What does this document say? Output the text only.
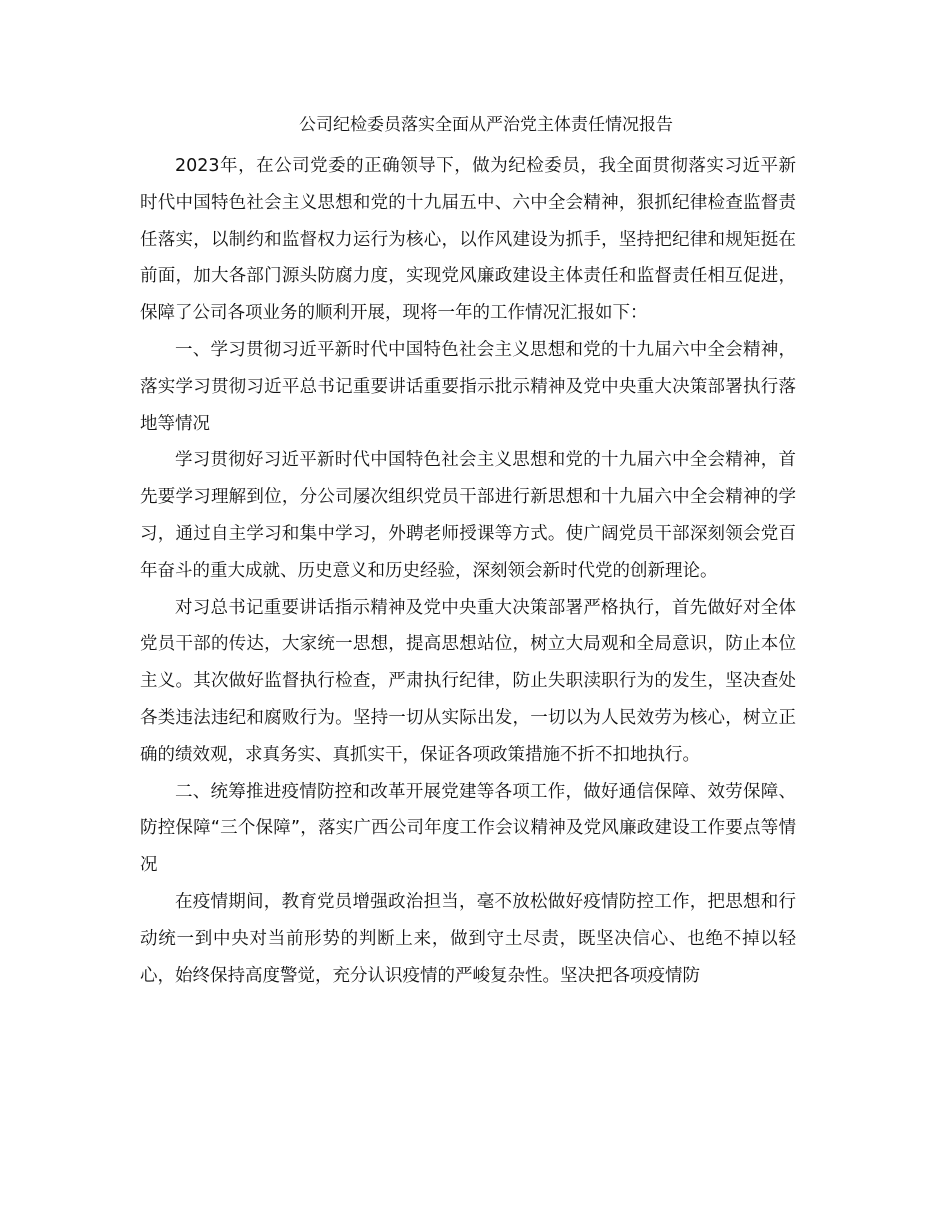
公司纪检委员落实全面从严治党主体责任情况报告

2023年，在公司党委的正确领导下，做为纪检委员，我全面贯彻落实习近平新时代中国特色社会主义思想和党的十九届五中、六中全会精神，狠抓纪律检查监督责任落实，以制约和监督权力运行为核心，以作风建设为抓手，坚持把纪律和规矩挺在前面，加大各部门源头防腐力度，实现党风廉政建设主体责任和监督责任相互促进，保障了公司各项业务的顺利开展，现将一年的工作情况汇报如下：

一、学习贯彻习近平新时代中国特色社会主义思想和党的十九届六中全会精神，落实学习贯彻习近平总书记重要讲话重要指示批示精神及党中央重大决策部署执行落地等情况

学习贯彻好习近平新时代中国特色社会主义思想和党的十九届六中全会精神，首先要学习理解到位，分公司屡次组织党员干部进行新思想和十九届六中全会精神的学习，通过自主学习和集中学习，外聘老师授课等方式。使广阔党员干部深刻领会党百年奋斗的重大成就、历史意义和历史经验，深刻领会新时代党的创新理论。

对习总书记重要讲话指示精神及党中央重大决策部署严格执行，首先做好对全体党员干部的传达，大家统一思想，提高思想站位，树立大局观和全局意识，防止本位主义。其次做好监督执行检查，严肃执行纪律，防止失职渎职行为的发生，坚决查处各类违法违纪和腐败行为。坚持一切从实际出发，一切以为人民效劳为核心，树立正确的绩效观，求真务实、真抓实干，保证各项政策措施不折不扣地执行。

二、统筹推进疫情防控和改革开展党建等各项工作，做好通信保障、效劳保障、防控保障“三个保障”，落实广西公司年度工作会议精神及党风廉政建设工作要点等情况

在疫情期间，教育党员增强政治担当，毫不放松做好疫情防控工作，把思想和行动统一到中央对当前形势的判断上来，做到守土尽责，既坚决信心、也绝不掉以轻心，始终保持高度警觉，充分认识疫情的严峻复杂性。坚决把各项疫情防
